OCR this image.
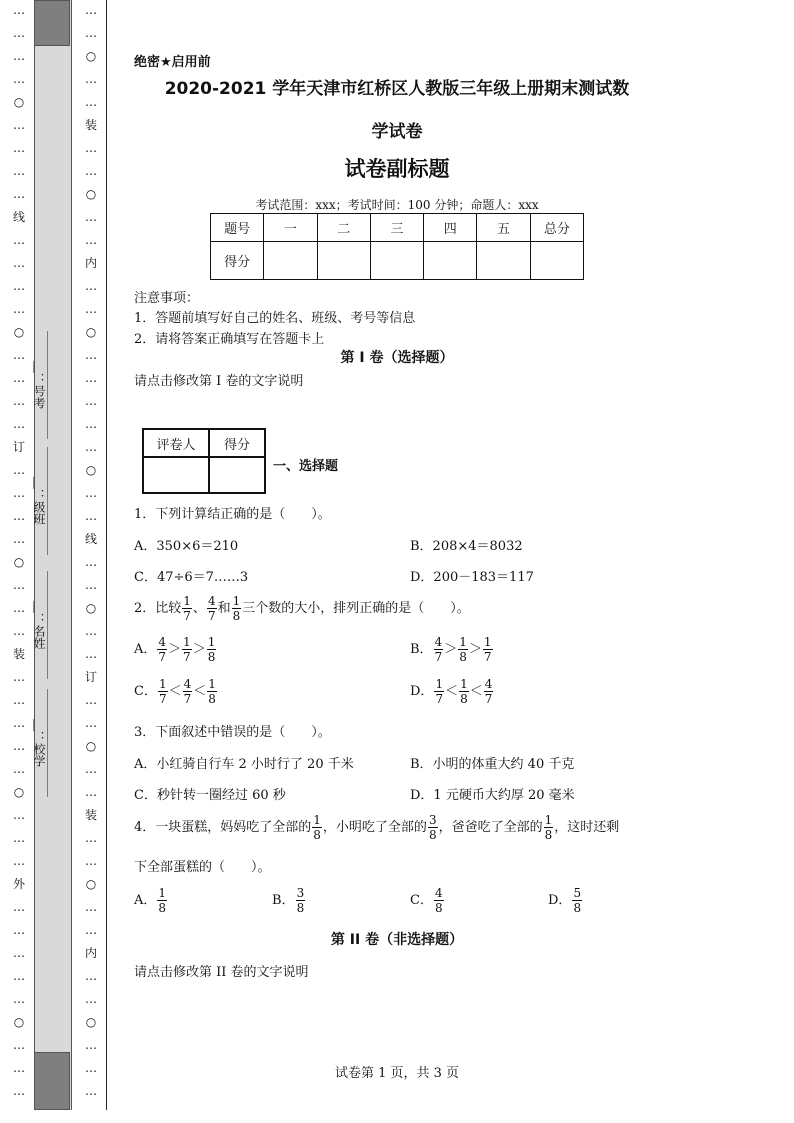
…
…
…
…
○
…
…
…
…
线
…
…
…
…
○
…
…
…
…
订
…
…
…
…
○
…
…
…
装
…
…
…
…
…
○
…
…
…
外
…
…
…
…
…
○
…
…
…
…
…
○
…
…
装
…
…
○
…
…
内
…
…
○
…
…
…
…
…
○
…
…
线
…
…
○
…
…
订
…
…
○
…
…
装
…
…
○
…
…
内
…
…
○
…
…
…
＿＿＿＿＿＿＿＿＿＿：号考
＿＿＿＿＿＿＿＿＿＿：级班
＿＿＿＿＿＿＿＿＿＿：名姓
＿＿＿＿＿＿＿＿＿＿：校学
绝密★启用前
2020-2021 学年天津市红桥区人教版三年级上册期末测试数
学试卷
试卷副标题
考试范围：xxx；考试时间：100 分钟；命题人：xxx
题号	一	二	三	四	五	总分
得分						
注意事项：
1．答题前填写好自己的姓名、班级、考号等信息
2．请将答案正确填写在答题卡上
第 I 卷（选择题）
请点击修改第 I 卷的文字说明
评卷人	得分

一、选择题
1．下列计算结正确的是（　　）。
A．350×6＝210	B．208×4＝8032
C．47÷6＝7……3	D．200－183＝117
2．比较 $\frac{1}{7}$ 、 $\frac{4}{7}$ 和 $\frac{1}{8}$ 三个数的大小，排列正确的是（　　）。
A． $\frac{4}{7} > \frac{1}{7} > \frac{1}{8}$	B． $\frac{4}{7} > \frac{1}{8} > \frac{1}{7}$
C． $\frac{1}{7} < \frac{4}{7} < \frac{1}{8}$	D． $\frac{1}{7} < \frac{1}{8} < \frac{4}{7}$
3．下面叙述中错误的是（　　）。
A．小红骑自行车 2 小时行了 20 千米	B．小明的体重大约 40 千克
C．秒针转一圈经过 60 秒	D．1 元硬币大约厚 20 毫米
4．一块蛋糕，妈妈吃了全部的 $\frac{1}{8}$ ，小明吃了全部的 $\frac{3}{8}$ ，爸爸吃了全部的 $\frac{1}{8}$ ，这时还剩
下全部蛋糕的（　　）。
A． $\frac{1}{8}$	B． $\frac{3}{8}$	C． $\frac{4}{8}$	D． $\frac{5}{8}$
第 II 卷（非选择题）
请点击修改第 II 卷的文字说明
试卷第 1 页，共 3 页
